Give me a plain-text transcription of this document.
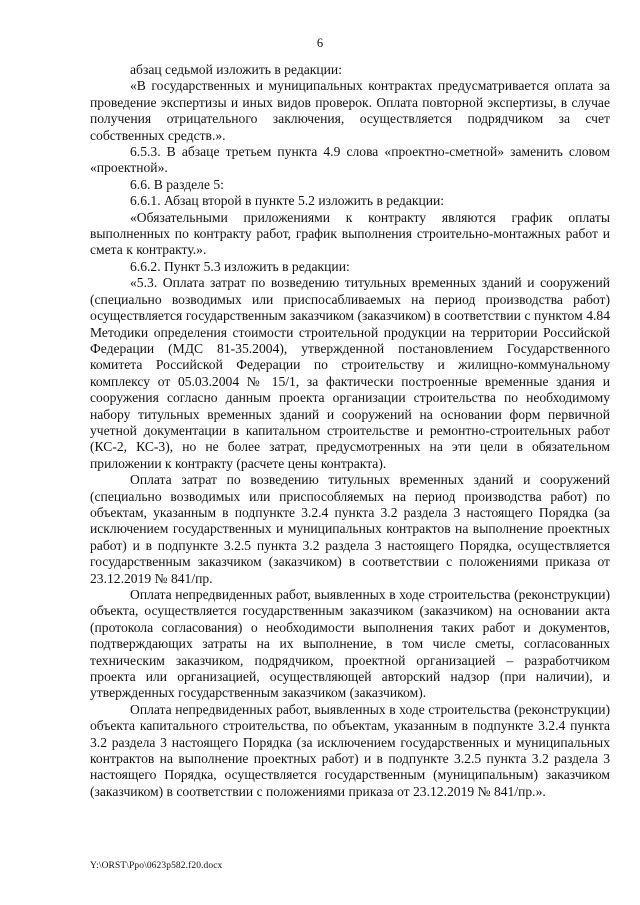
6

абзац седьмой изложить в редакции:

«В государственных и муниципальных контрактах предусматривается оплата за проведение экспертизы и иных видов проверок. Оплата повторной экспертизы, в случае получения отрицательного заключения, осуществляется подрядчиком за счет собственных средств.».

6.5.3. В абзаце третьем пункта 4.9 слова «проектно-сметной» заменить словом «проектной».

6.6. В разделе 5:

6.6.1. Абзац второй в пункте 5.2 изложить в редакции:

«Обязательными приложениями к контракту являются график оплаты выполненных по контракту работ, график выполнения строительно-монтажных работ и смета к контракту.».

6.6.2. Пункт 5.3 изложить в редакции:

«5.3. Оплата затрат по возведению титульных временных зданий и сооружений (специально возводимых или приспосабливаемых на период производства работ) осуществляется государственным заказчиком (заказчиком) в соответствии с пунктом 4.84 Методики определения стоимости строительной продукции на территории Российской Федерации (МДС 81-35.2004), утвержденной постановлением Государственного комитета Российской Федерации по строительству и жилищно-коммунальному комплексу от 05.03.2004 № 15/1, за фактически построенные временные здания и сооружения согласно данным проекта организации строительства по необходимому набору титульных временных зданий и сооружений на основании форм первичной учетной документации в капитальном строительстве и ремонтно-строительных работ (КС-2, КС-3), но не более затрат, предусмотренных на эти цели в обязательном приложении к контракту (расчете цены контракта).

Оплата затрат по возведению титульных временных зданий и сооружений (специально возводимых или приспособляемых на период производства работ) по объектам, указанным в подпункте 3.2.4 пункта 3.2 раздела 3 настоящего Порядка (за исключением государственных и муниципальных контрактов на выполнение проектных работ) и в подпункте 3.2.5 пункта 3.2 раздела 3 настоящего Порядка, осуществляется государственным заказчиком (заказчиком) в соответствии с положениями приказа от 23.12.2019 № 841/пр.

Оплата непредвиденных работ, выявленных в ходе строительства (реконструкции) объекта, осуществляется государственным заказчиком (заказчиком) на основании акта (протокола согласования) о необходимости выполнения таких работ и документов, подтверждающих затраты на их выполнение, в том числе сметы, согласованных техническим заказчиком, подрядчиком, проектной организацией – разработчиком проекта или организацией, осуществляющей авторский надзор (при наличии), и утвержденных государственным заказчиком (заказчиком).

Оплата непредвиденных работ, выявленных в ходе строительства (реконструкции) объекта капитального строительства, по объектам, указанным в подпункте 3.2.4 пункта 3.2 раздела 3 настоящего Порядка (за исключением государственных и муниципальных контрактов на выполнение проектных работ) и в подпункте 3.2.5 пункта 3.2 раздела 3 настоящего Порядка, осуществляется государственным (муниципальным) заказчиком (заказчиком) в соответствии с положениями приказа от 23.12.2019 № 841/пр.».

Y:\ORST\Ppo\0623p582.f20.docx
